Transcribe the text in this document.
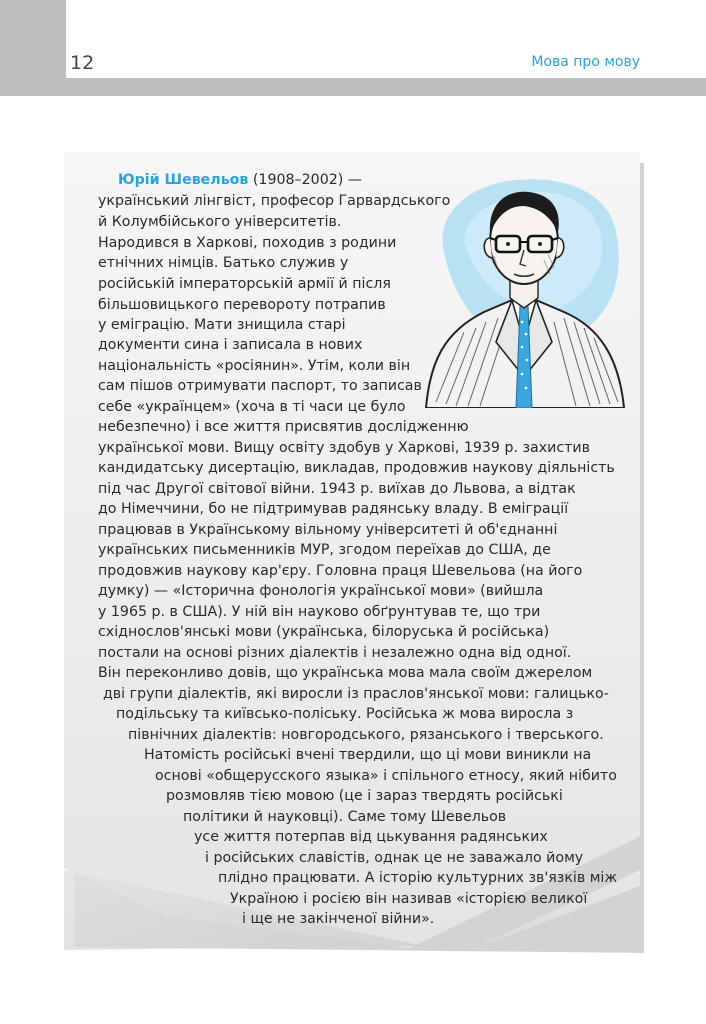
12	Мова про мову
Юрій Шевельов (1908–2002) —
український лінгвіст, професор Гарвардського
й Колумбійського університетів.
Народився в Харкові, походив з родини
етнічних німців. Батько служив у
російській імператорській армії й після
більшовицького перевороту потрапив
у еміграцію. Мати знищила старі
документи сина і записала в нових
національність «росіянин». Утім, коли він
сам пішов отримувати паспорт, то записав
себе «українцем» (хоча в ті часи це було
небезпечно) і все життя присвятив дослідженню
української мови. Вищу освіту здобув у Харкові, 1939 р. захистив
кандидатську дисертацію, викладав, продовжив наукову діяльність
під час Другої світової війни. 1943 р. виїхав до Львова, а відтак
до Німеччини, бо не підтримував радянську владу. В еміграції
працював в Українському вільному університеті й об'єднанні
українських письменників МУР, згодом переїхав до США, де
продовжив наукову кар'єру. Головна праця Шевельова (на його
думку) — «Історична фонологія української мови» (вийшла
у 1965 р. в США). У ній він науково обґрунтував те, що три
східнослов'янські мови (українська, білоруська й російська)
постали на основі різних діалектів і незалежно одна від одної.
Він переконливо довів, що українська мова мала своїм джерелом
дві групи діалектів, які виросли із праслов'янської мови: галицько-
подільську та київсько-поліську. Російська ж мова виросла з
північних діалектів: новгородського, рязанського і тверського.
Натомість російські вчені твердили, що ці мови виникли на
основі «общерусского языка» і спільного етносу, який нібито
розмовляв тією мовою (це і зараз твердять російські
політики й науковці). Саме тому Шевельов
усе життя потерпав від цькування радянських
і російських славістів, однак це не заважало йому
плідно працювати. А історію культурних зв'язків між
Україною і росією він називав «історією великої
і ще не закінченої війни».
